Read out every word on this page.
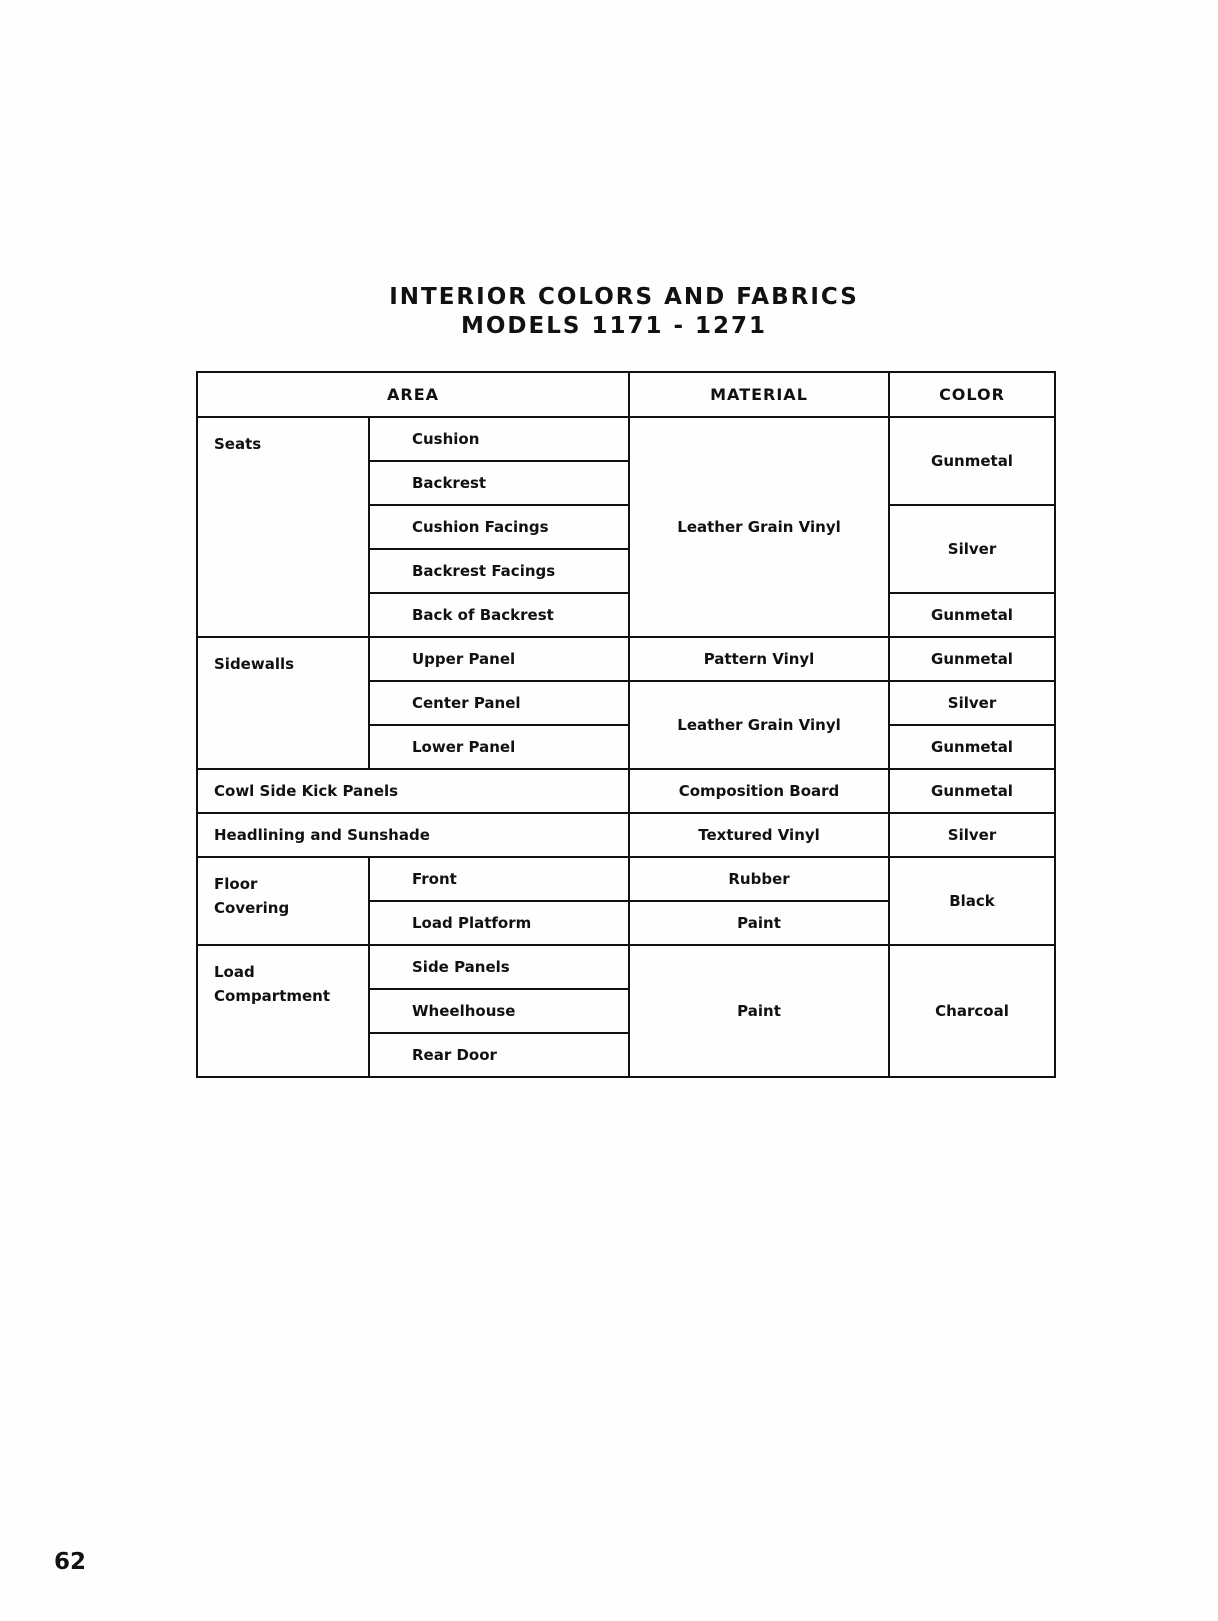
INTERIOR COLORS AND FABRICS
MODELS 1171 - 1271
AREA		MATERIAL	COLOR
Seats	Cushion	Leather Grain Vinyl	Gunmetal
	Backrest		
	Cushion Facings		Silver
	Backrest Facings		
	Back of Backrest		Gunmetal
Sidewalls	Upper Panel	Pattern Vinyl	Gunmetal
	Center Panel	Leather Grain Vinyl	Silver
	Lower Panel		Gunmetal
Cowl Side Kick Panels		Composition Board	Gunmetal
Headlining and Sunshade		Textured Vinyl	Silver

Floor
Covering	Front	Rubber	Black
	Load Platform	Paint	

Load
Compartment	Side Panels	Paint	Charcoal
	Wheelhouse		
	Rear Door		
62
